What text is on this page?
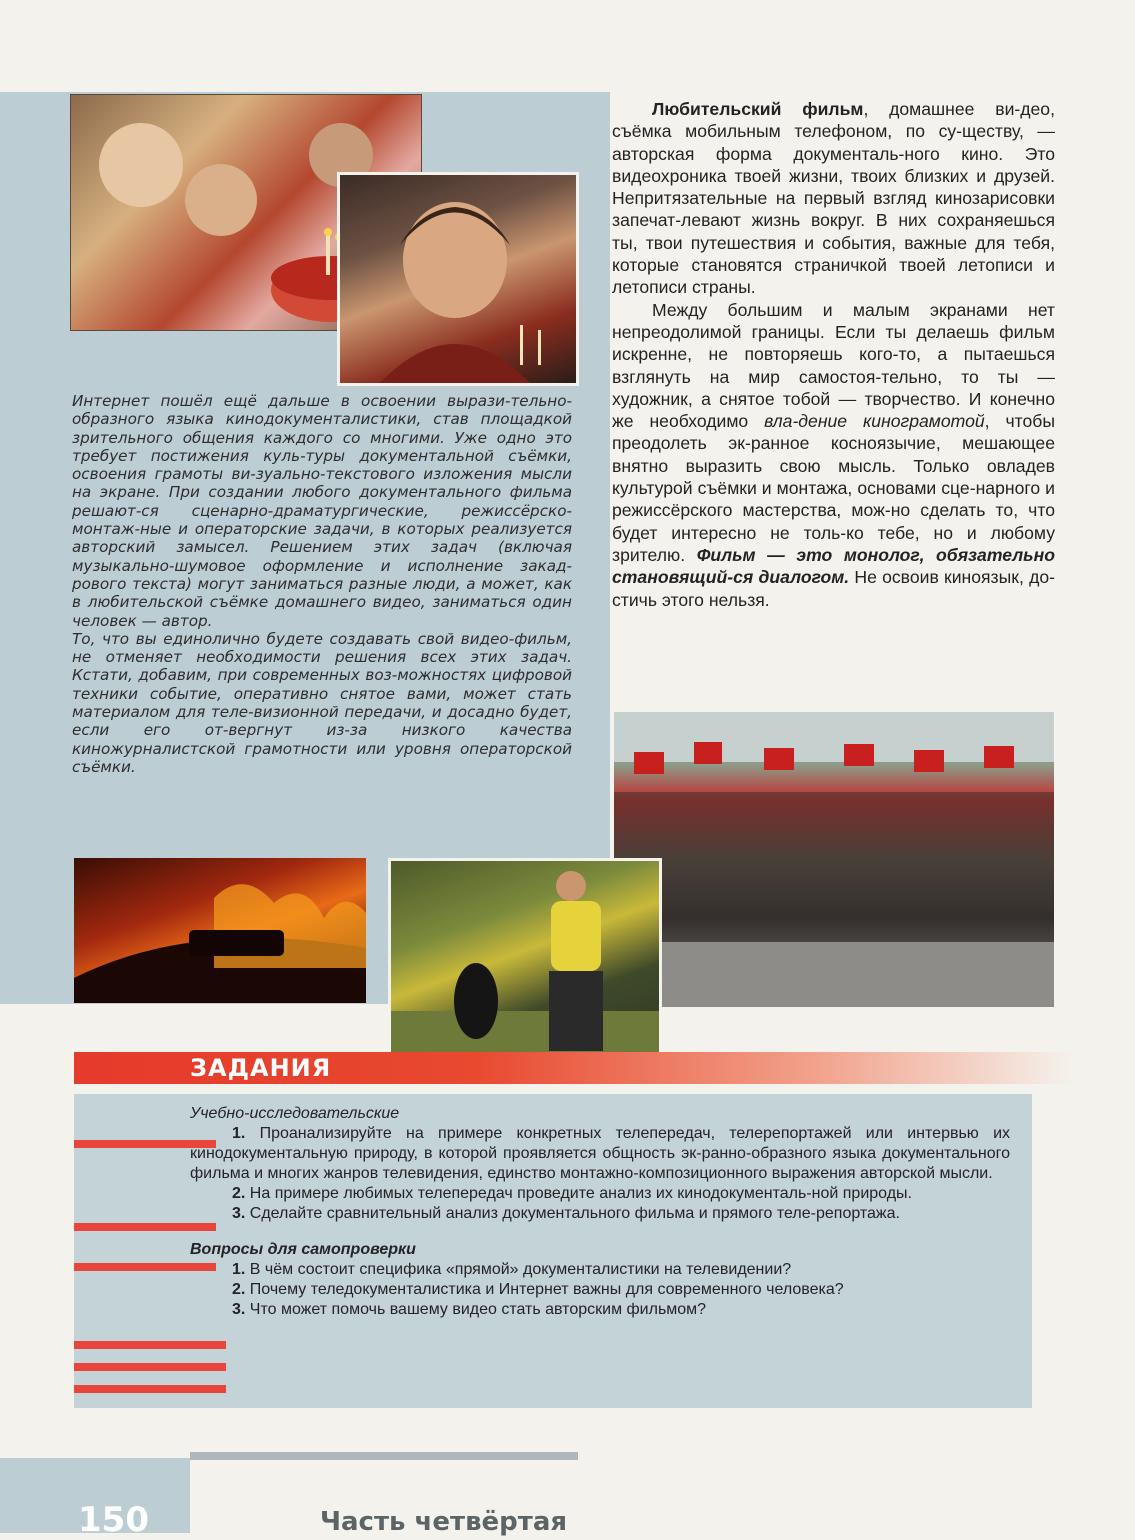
Интернет пошёл ещё дальше в освоении вырази-тельно-образного языка кинодокументалистики, став площадкой зрительного общения каждого со многими. Уже одно это требует постижения куль-туры документальной съёмки, освоения грамоты ви-зуально-текстового изложения мысли на экране. При создании любого документального фильма решают-ся сценарно-драматургические, режиссёрско-монтаж-ные и операторские задачи, в которых реализуется авторский замысел. Решением этих задач (включая музыкально-шумовое оформление и исполнение закад-рового текста) могут заниматься разные люди, а может, как в любительской съёмке домашнего видео, заниматься один человек — автор.

То, что вы единолично будете создавать свой видео-фильм, не отменяет необходимости решения всех этих задач. Кстати, добавим, при современных воз-можностях цифровой техники событие, оперативно снятое вами, может стать материалом для теле-визионной передачи, и досадно будет, если его от-вергнут из-за низкого качества киножурналистской грамотности или уровня операторской съёмки.

Любительский фильм, домашнее ви-део, съёмка мобильным телефоном, по су-ществу, — авторская форма документаль-ного кино. Это видеохроника твоей жизни, твоих близких и друзей. Непритязательные на первый взгляд кинозарисовки запечат-левают жизнь вокруг. В них сохраняешься ты, твои путешествия и события, важные для тебя, которые становятся страничкой твоей летописи и летописи страны.

Между большим и малым экранами нет непреодолимой границы. Если ты делаешь фильм искренне, не повторяешь кого-то, а пытаешься взглянуть на мир самостоя-тельно, то ты — художник, а снятое тобой — творчество. И конечно же необходимо вла-дение кинограмотой, чтобы преодолеть эк-ранное косноязычие, мешающее внятно выразить свою мысль. Только овладев культурой съёмки и монтажа, основами сце-нарного и режиссёрского мастерства, мож-но сделать то, что будет интересно не толь-ко тебе, но и любому зрителю. Фильм — это монолог, обязательно становящий-ся диалогом. Не освоив киноязык, до-стичь этого нельзя.

ЗАДАНИЯ

Учебно-исследовательские

1. Проанализируйте на примере конкретных телепередач, телерепортажей или интервью их кинодокументальную природу, в которой проявляется общность эк-ранно-образного языка документального фильма и многих жанров телевидения, единство монтажно-композиционного выражения авторской мысли.

2. На примере любимых телепередач проведите анализ их кинодокументаль-ной природы.

3. Сделайте сравнительный анализ документального фильма и прямого теле-репортажа.

Вопросы для самопроверки

1. В чём состоит специфика «прямой» документалистики на телевидении?

2. Почему теледокументалистика и Интернет важны для современного человека?

3. Что может помочь вашему видео стать авторским фильмом?

150	Часть четвёртая
